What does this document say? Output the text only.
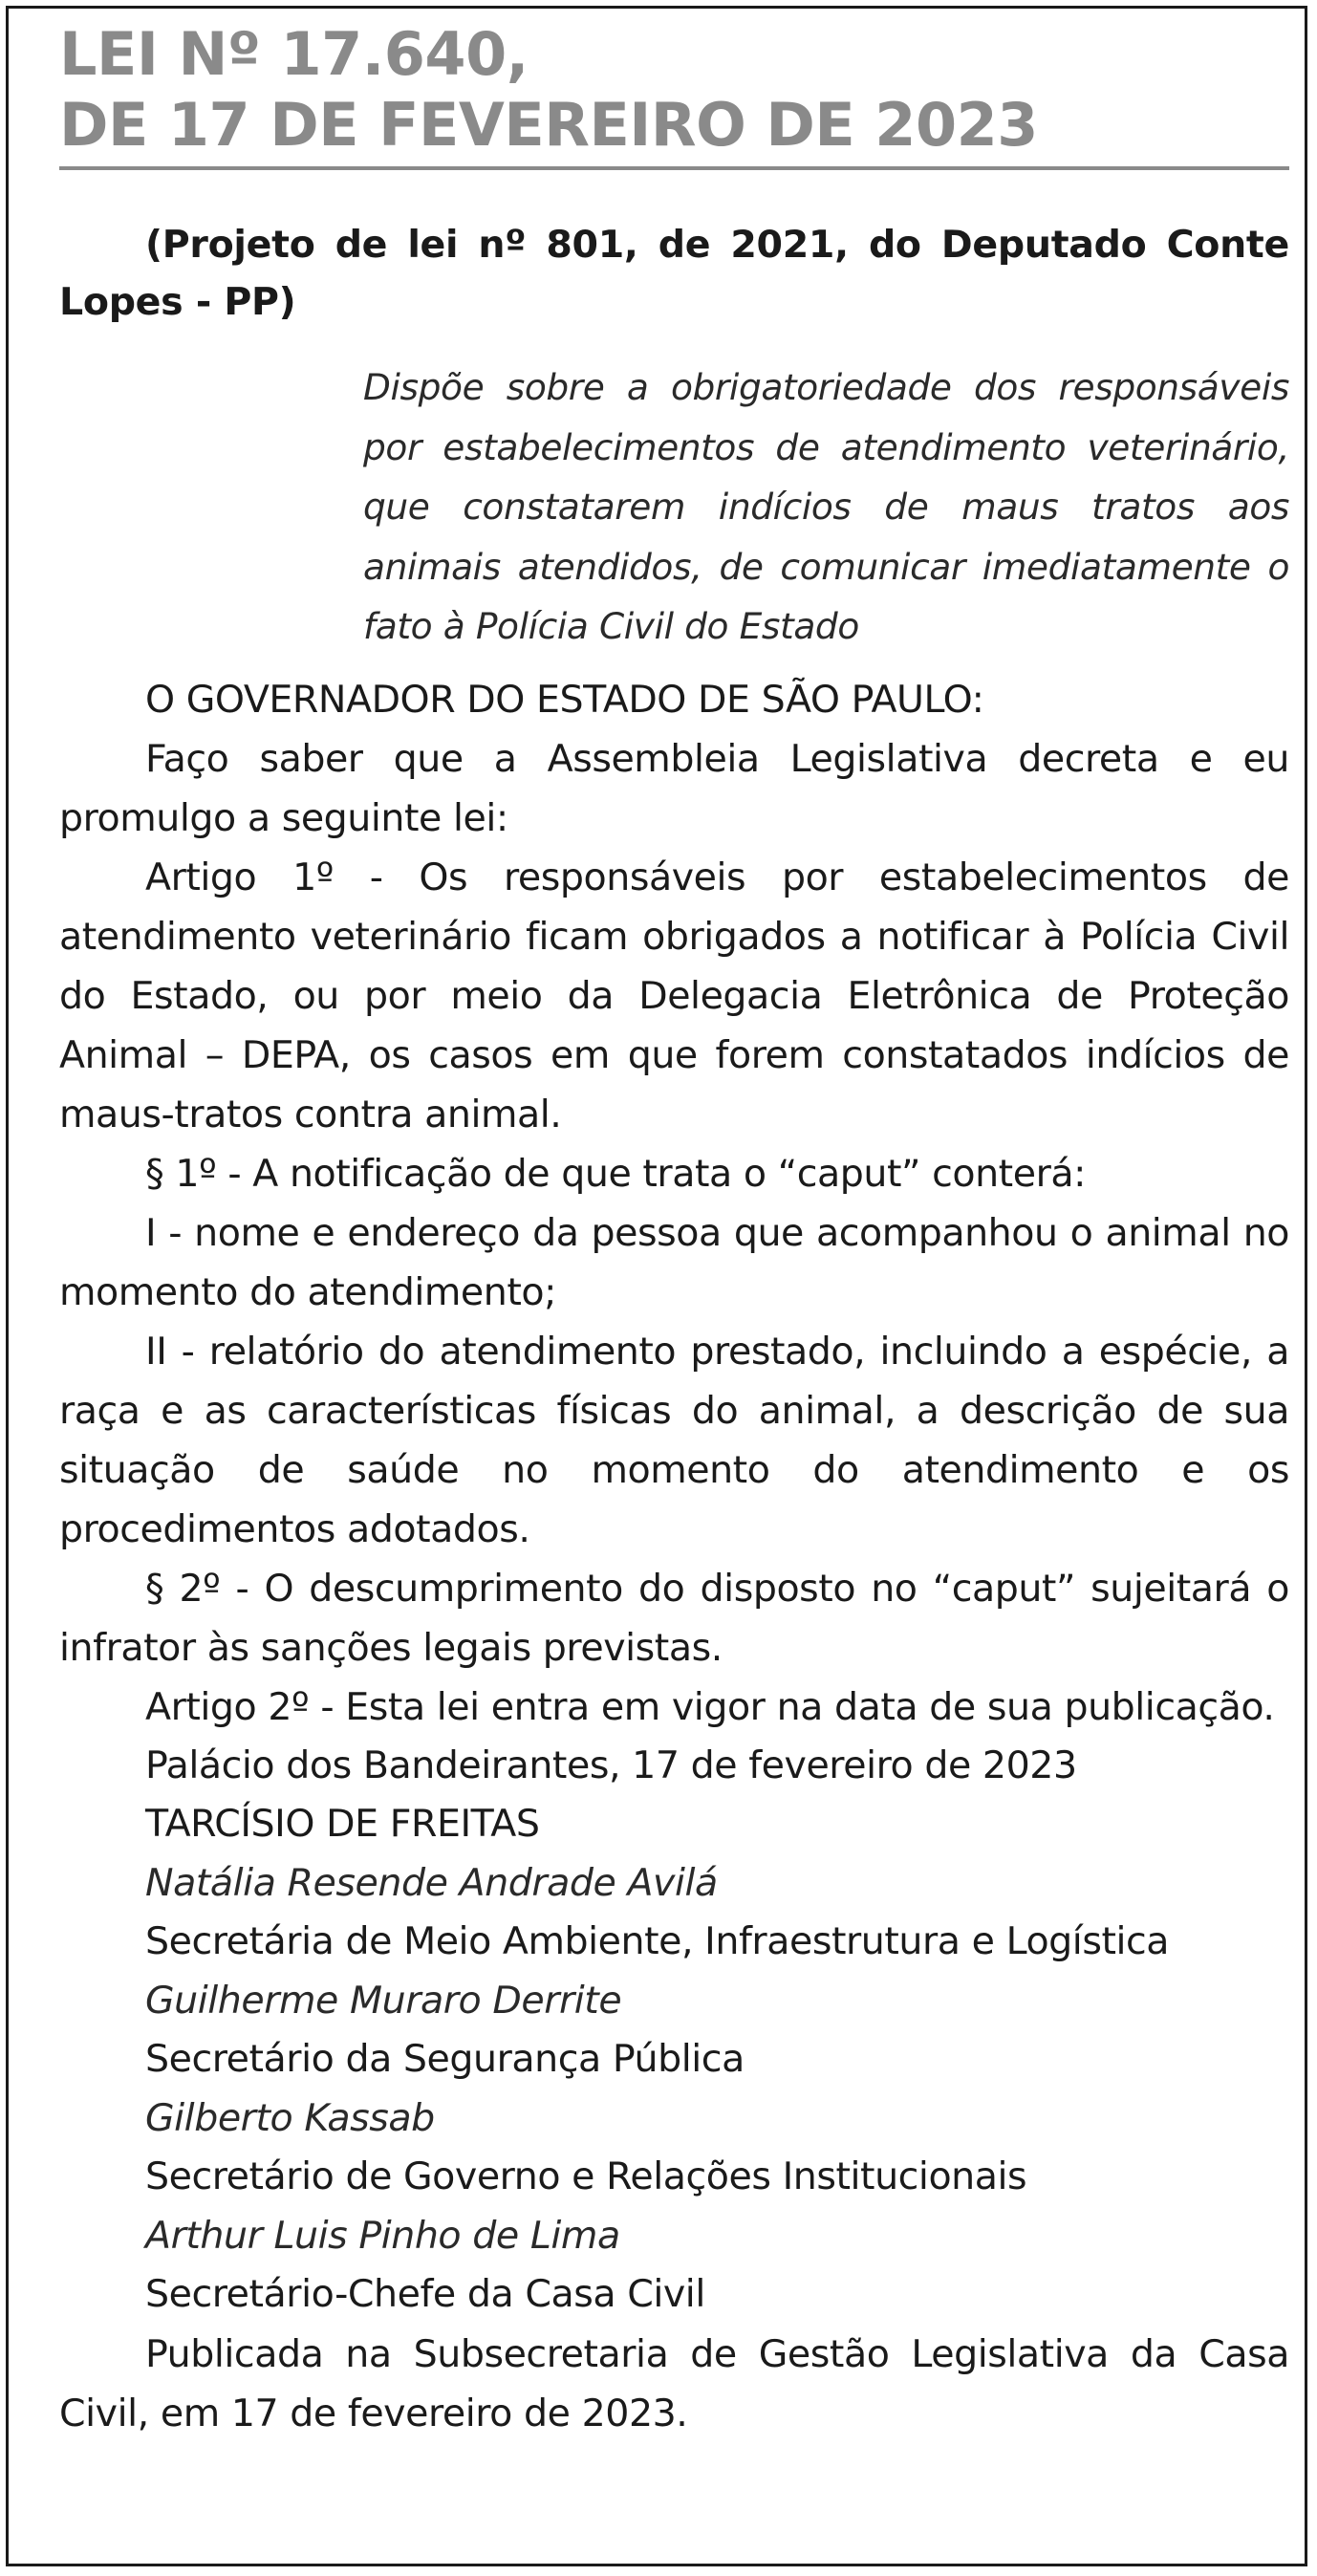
LEI Nº 17.640,
DE 17 DE FEVEREIRO DE 2023

(Projeto de lei nº 801, de 2021, do Deputado Conte Lopes - PP)

Dispõe sobre a obrigatoriedade dos responsáveis por estabelecimentos de atendimento veterinário, que constatarem indícios de maus tratos aos animais atendidos, de comunicar imediatamente o fato à Polícia Civil do Estado

O GOVERNADOR DO ESTADO DE SÃO PAULO:

Faço saber que a Assembleia Legislativa decreta e eu promulgo a seguinte lei:

Artigo 1º - Os responsáveis por estabelecimentos de atendimento veterinário ficam obrigados a notificar à Polícia Civil do Estado, ou por meio da Delegacia Eletrônica de Proteção Animal – DEPA, os casos em que forem constatados indícios de maus-tratos contra animal.

§ 1º - A notificação de que trata o “caput” conterá:

I - nome e endereço da pessoa que acompanhou o animal no momento do atendimento;

II - relatório do atendimento prestado, incluindo a espécie, a raça e as características físicas do animal, a descrição de sua situação de saúde no momento do atendimento e os procedimentos adotados.

§ 2º - O descumprimento do disposto no “caput” sujeitará o infrator às sanções legais previstas.

Artigo 2º - Esta lei entra em vigor na data de sua publicação.

Palácio dos Bandeirantes, 17 de fevereiro de 2023

TARCÍSIO DE FREITAS

Natália Resende Andrade Avilá

Secretária de Meio Ambiente, Infraestrutura e Logística

Guilherme Muraro Derrite

Secretário da Segurança Pública

Gilberto Kassab

Secretário de Governo e Relações Institucionais

Arthur Luis Pinho de Lima

Secretário-Chefe da Casa Civil

Publicada na Subsecretaria de Gestão Legislativa da Casa Civil, em 17 de fevereiro de 2023.
